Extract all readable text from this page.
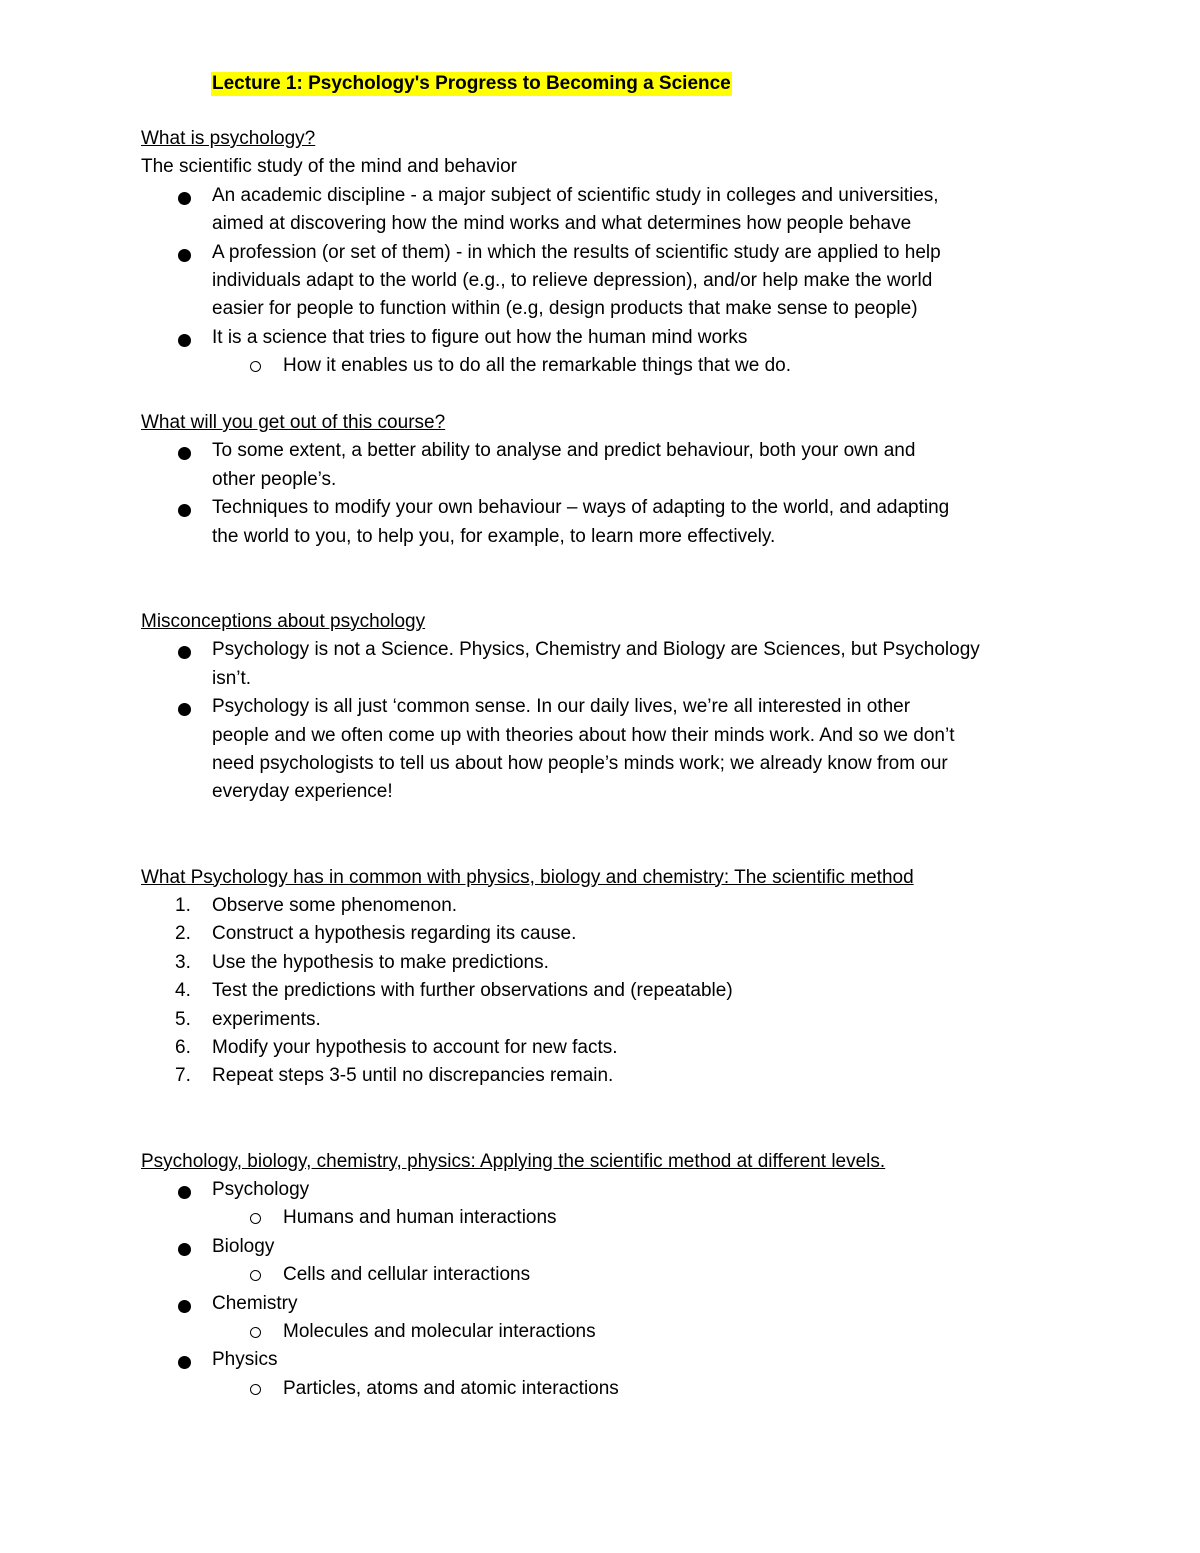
Lecture 1: Psychology's Progress to Becoming a Science
What is psychology?
The scientific study of the mind and behavior
An academic discipline - a major subject of scientific study in colleges and universities,
aimed at discovering how the mind works and what determines how people behave
A profession (or set of them) - in which the results of scientific study are applied to help
individuals adapt to the world (e.g., to relieve depression), and/or help make the world
easier for people to function within (e.g, design products that make sense to people)
It is a science that tries to figure out how the human mind works
How it enables us to do all the remarkable things that we do.
What will you get out of this course?
To some extent, a better ability to analyse and predict behaviour, both your own and
other people’s.
Techniques to modify your own behaviour – ways of adapting to the world, and adapting
the world to you, to help you, for example, to learn more effectively.
Misconceptions about psychology
Psychology is not a Science. Physics, Chemistry and Biology are Sciences, but Psychology
isn’t.
Psychology is all just ‘common sense. In our daily lives, we’re all interested in other
people and we often come up with theories about how their minds work. And so we don’t
need psychologists to tell us about how people’s minds work; we already know from our
everyday experience!
What Psychology has in common with physics, biology and chemistry: The scientific method
1. Observe some phenomenon.
2. Construct a hypothesis regarding its cause.
3. Use the hypothesis to make predictions.
4. Test the predictions with further observations and (repeatable)
5. experiments.
6. Modify your hypothesis to account for new facts.
7. Repeat steps 3-5 until no discrepancies remain.
Psychology, biology, chemistry, physics: Applying the scientific method at different levels.
Psychology
Humans and human interactions
Biology
Cells and cellular interactions
Chemistry
Molecules and molecular interactions
Physics
Particles, atoms and atomic interactions
